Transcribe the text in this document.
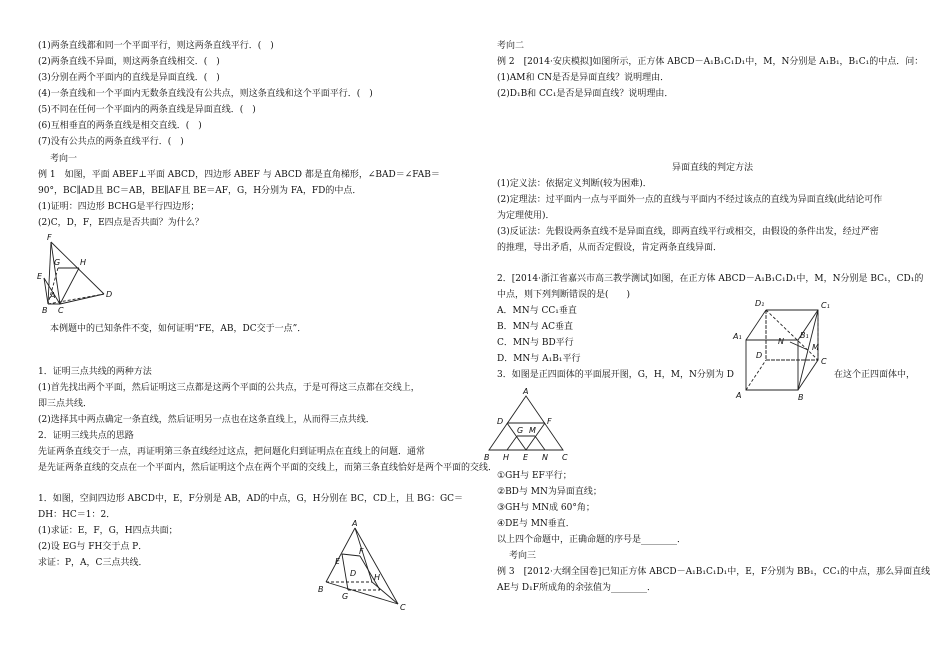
(1)两条直线都和同一个平面平行，则这两条直线平行．(　)
(2)两条直线不异面，则这两条直线相交．(　)
(3)分别在两个平面内的直线是异面直线．(　)
(4)一条直线和一个平面内无数条直线没有公共点，则这条直线和这个平面平行．(　)
(5)不同在任何一个平面内的两条直线是异面直线．(　)
(6)互相垂直的两条直线是相交直线．(　)
(7)没有公共点的两条直线平行．(　)
考向一
例 1　如图，平面 ABEF⊥平面 ABCD，四边形 ABEF 与 ABCD 都是直角梯形，∠BAD＝∠FAB＝
90°，BC∥AD且 BC＝AB，BE∥AF且 BE＝AF，G，H分别为 FA，FD的中点．
(1)证明：四边形 BCHG是平行四边形；
(2)C，D，F，E四点是否共面？为什么？
F
G H
E
A	D
B C
本例题中的已知条件不变，如何证明“FE，AB，DC交于一点”．
1．证明三点共线的两种方法
(1)首先找出两个平面，然后证明这三点都是这两个平面的公共点，于是可得这三点都在交线上，
即三点共线．
(2)选择其中两点确定一条直线，然后证明另一点也在这条直线上，从而得三点共线．
2．证明三线共点的思路
先证两条直线交于一点，再证明第三条直线经过这点，把问题化归到证明点在直线上的问题．通常
是先证两条直线的交点在一个平面内，然后证明这个点在两个平面的交线上，而第三条直线恰好是两个平面的交线．
1．如图，空间四边形 ABCD中，E，F分别是 AB，AD的中点，G，H分别在 BC，CD上，且 BG：GC＝
DH：HC＝1：2．
(1)求证：E，F，G，H四点共面；
(2)设 EG与 FH交于点 P．
求证：P，A，C三点共线．
A
F
E
D H
B
G
C
考向二
例 2　[2014·安庆模拟]如图所示，正方体 ABCD－A₁B₁C₁D₁中，M，N分别是 A₁B₁，B₁C₁的中点．问：
(1)AM和 CN是否是异面直线？说明理由．
(2)D₁B和 CC₁是否是异面直线？说明理由．
异面直线的判定方法
(1)定义法：依据定义判断(较为困难)．
(2)定理法：过平面内一点与平面外一点的直线与平面内不经过该点的直线为异面直线(此结论可作
为定理使用)．
(3)反证法：先假设两条直线不是异面直线，即两直线平行或相交，由假设的条件出发，经过严密
的推理，导出矛盾，从而否定假设，肯定两条直线异面．
2．[2014·浙江省嘉兴市高三教学测试]如图，在正方体 ABCD－A₁B₁C₁D₁中，M，N分别是 BC₁，CD₁的
中点，则下列判断错误的是(　　)
A．MN与 CC₁垂直
B．MN与 AC垂直
C．MN与 BD平行
D．MN与 A₁B₁平行
3．如图是正四面体的平面展开图，G，H，M，N分别为 D	在这个正四面体中，
①GH与 EF平行；
②BD与 MN为异面直线；
③GH与 MN成 60°角；
④DE与 MN垂直．
以上四个命题中，正确命题的序号是________．
考向三
例 3　[2012·大纲全国卷]已知正方体 ABCD－A₁B₁C₁D₁中，E，F分别为 BB₁，CC₁的中点，那么异面直线
AE与 D₁F所成角的余弦值为________．
D₁	C₁
A₁	B₁
N
M
D
C
A	B
A
D	F
G M
B H E N C
